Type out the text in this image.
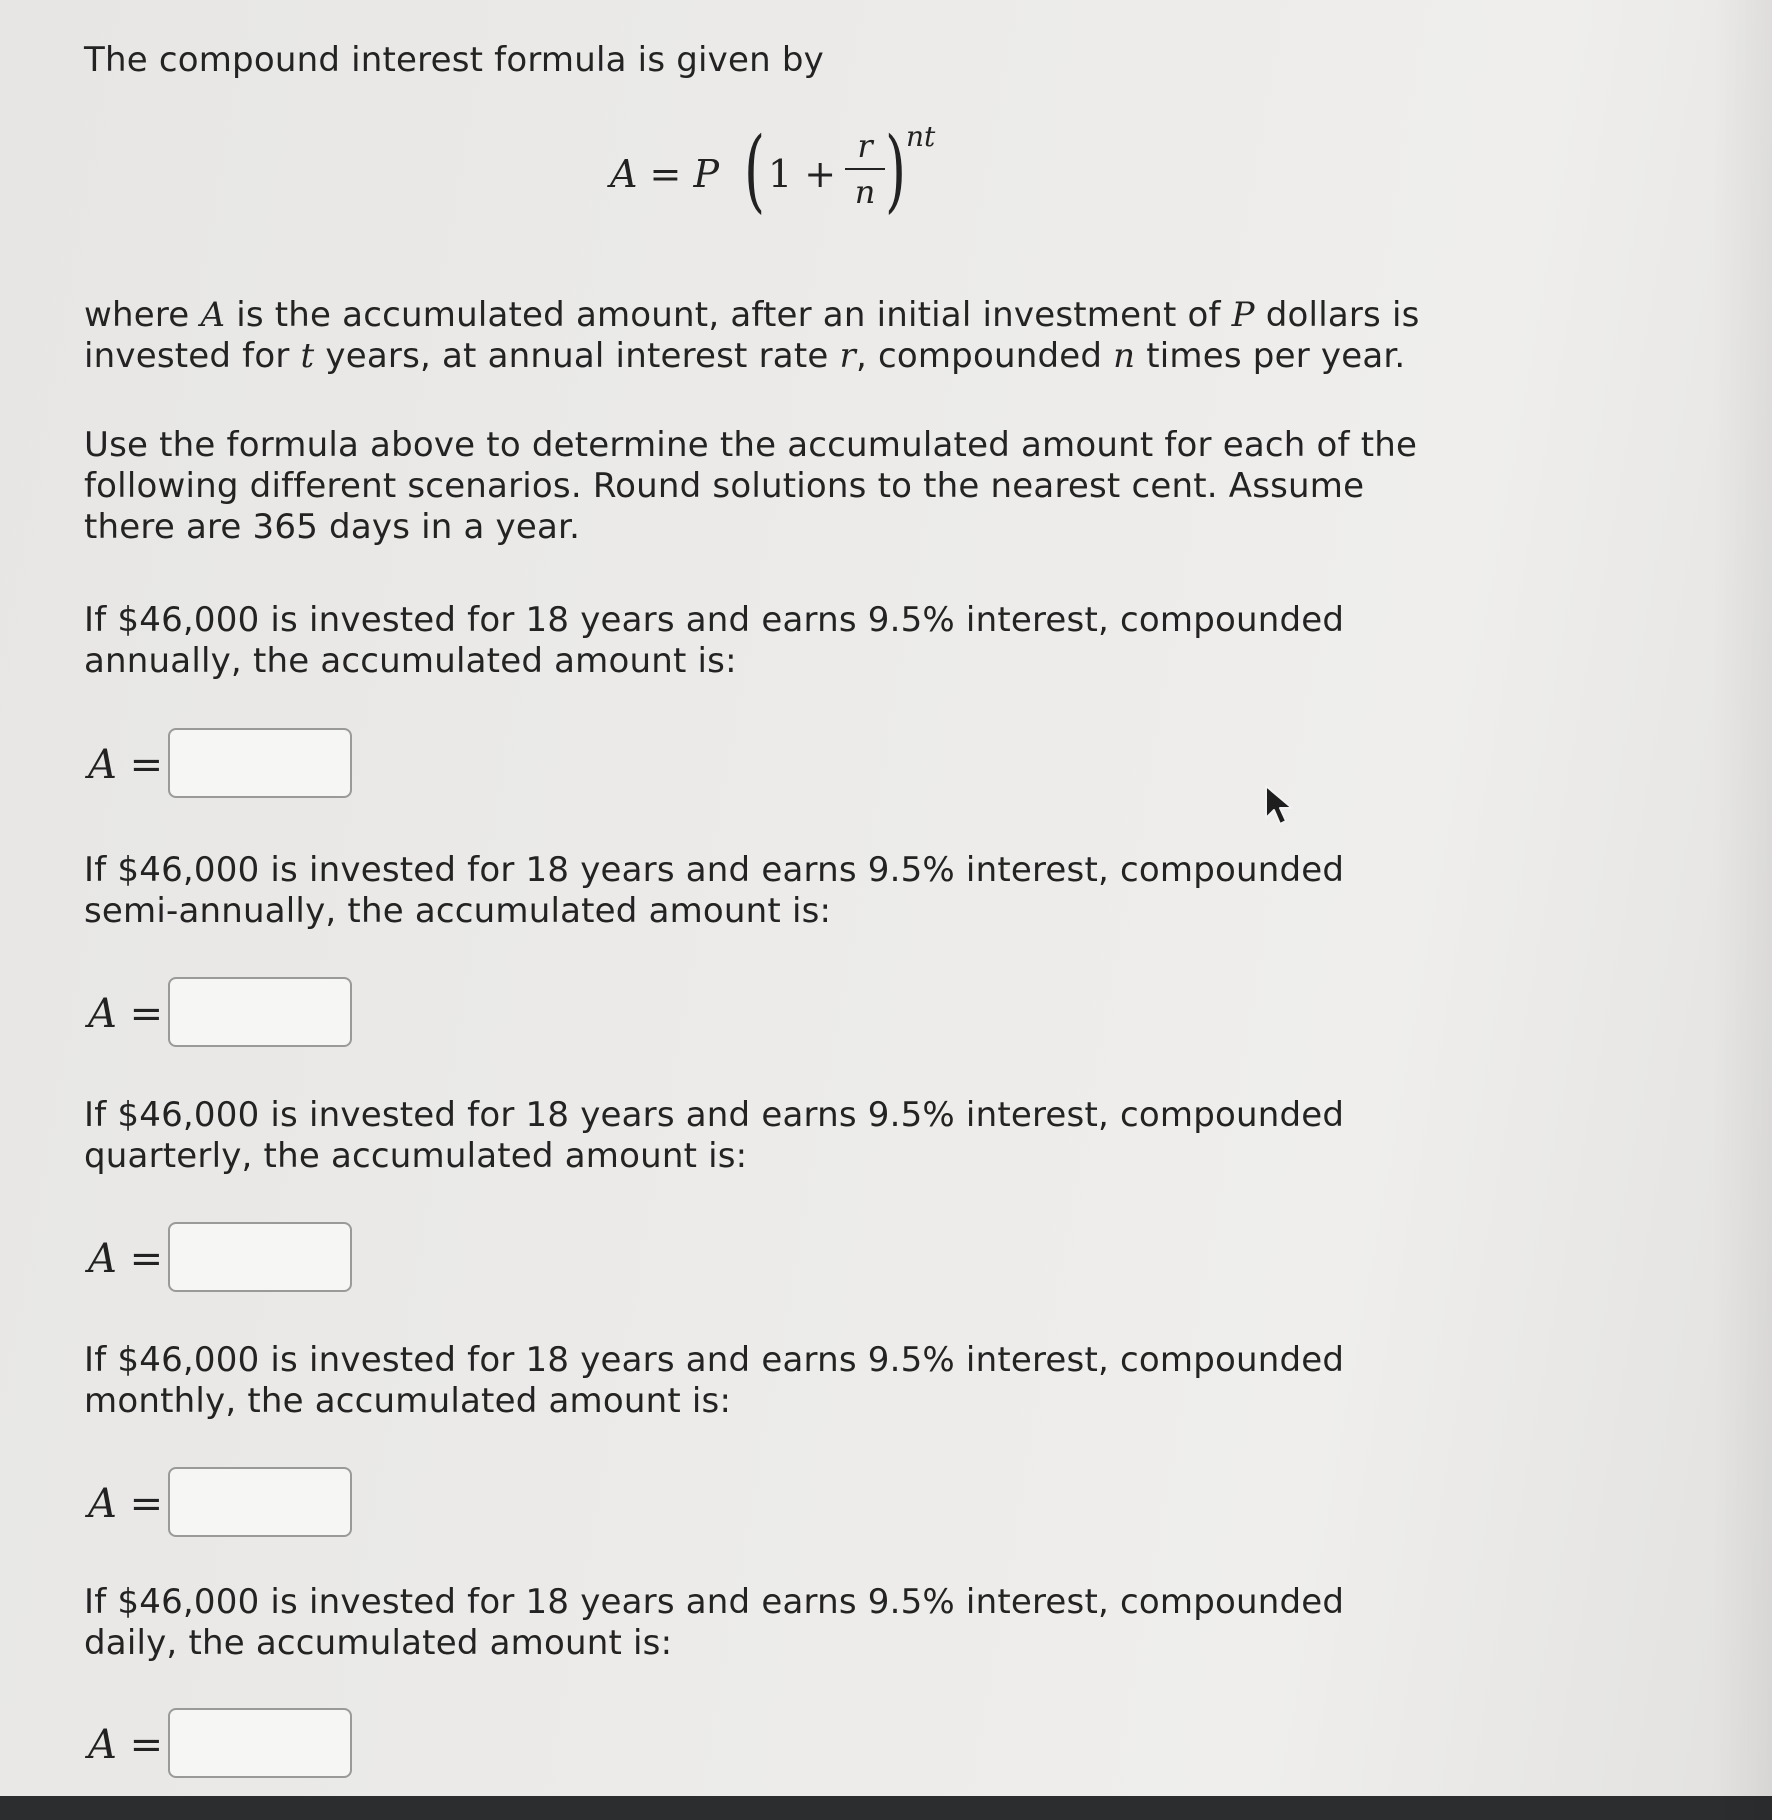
The compound interest formula is given by

A = P ( 1 +
r
n ) nt

where A is the accumulated amount, after an initial investment of P dollars is invested for t years, at annual interest rate r, compounded n times per year.

Use the formula above to determine the accumulated amount for each of the following different scenarios. Round solutions to the nearest cent. Assume there are 365 days in a year.

If $46,000 is invested for 18 years and earns 9.5% interest, compounded annually, the accumulated amount is:

A =

If $46,000 is invested for 18 years and earns 9.5% interest, compounded semi-annually, the accumulated amount is:

A =

If $46,000 is invested for 18 years and earns 9.5% interest, compounded quarterly, the accumulated amount is:

A =

If $46,000 is invested for 18 years and earns 9.5% interest, compounded monthly, the accumulated amount is:

A =

If $46,000 is invested for 18 years and earns 9.5% interest, compounded daily, the accumulated amount is:

A =
